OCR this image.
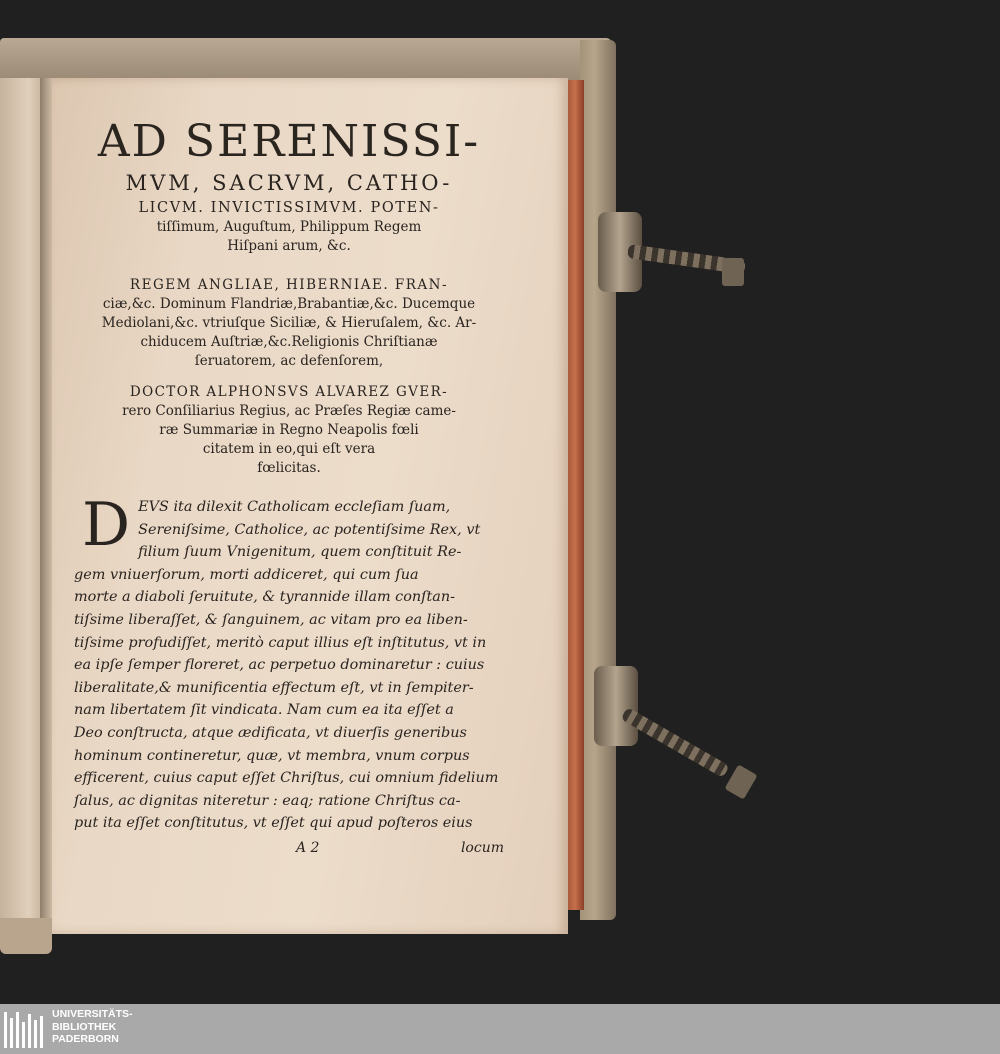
AD SERENISSI-
MVM, SACRVM, CATHO-
LICVM. INVICTISSIMVM. POTEN-
tiſſimum, Auguſtum, Philippum Regem
Hiſpani arum, &c.
REGEM ANGLIAE, HIBERNIAE. FRAN-
ciæ,&c. Dominum Flandriæ,Brabantiæ,&c. Ducemque
Mediolani,&c. vtriuſque Siciliæ, & Hieruſalem, &c. Ar-
chiducem Auſtriæ,&c.Religionis Chriſtianæ
ſeruatorem, ac defenſorem,
DOCTOR ALPHONSVS ALVAREZ GVER-
rero Conſiliarius Regius, ac Præſes Regiæ came-
ræ Summariæ in Regno Neapolis fœli
citatem in eo,qui eſt vera
fœlicitas.
D EVS ita dilexit Catholicam eccleſiam ſuam,
Sereniſsime, Catholice, ac potentiſsime Rex, vt
filium ſuum Vnigenitum, quem conſtituit Re-
gem vniuerſorum, morti addiceret, qui cum ſua
morte a diaboli ſeruitute, & tyrannide illam conſtan-
tiſsime liberaſſet, & ſanguinem, ac vitam pro ea liben-
tiſsime profudiſſet, meritò caput illius eſt inſtitutus, vt in
ea ipſe ſemper floreret, ac perpetuo dominaretur : cuius
liberalitate,& munificentia effectum eſt, vt in ſempiter-
nam libertatem ſit vindicata. Nam cum ea ita eſſet a
Deo conſtructa, atque ædificata, vt diuerſis generibus
hominum contineretur, quæ, vt membra, vnum corpus
efficerent, cuius caput eſſet Chriſtus, cui omnium fidelium
ſalus, ac dignitas niteretur : eaq; ratione Chriſtus ca-
put ita eſſet conſtitutus, vt eſſet qui apud poſteros eius
A 2	locum
UNIVERSITÄTS-
BIBLIOTHEK
PADERBORN
